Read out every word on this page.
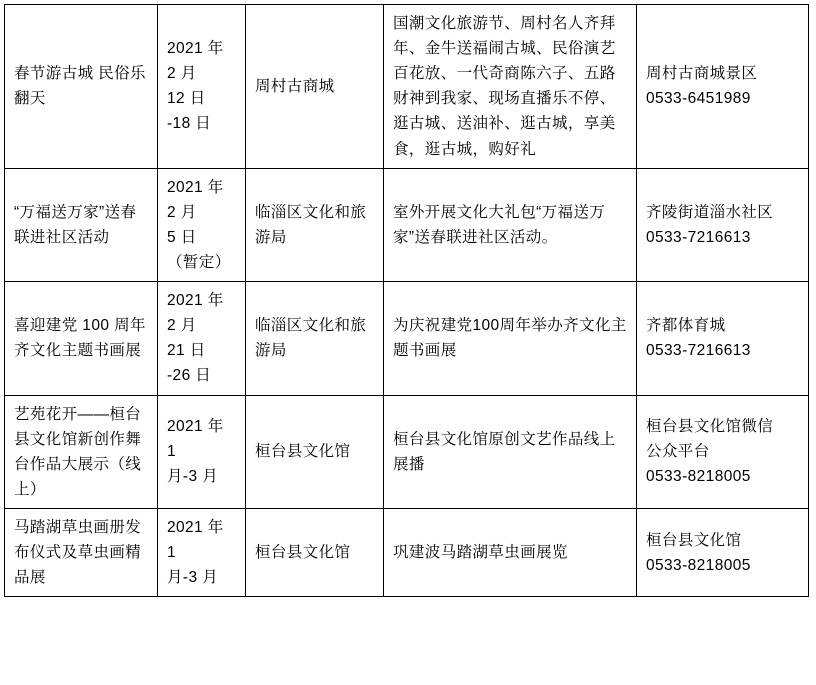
春节游古城 民俗乐翻天	2021 年 2 月
12 日
-18 日	周村古商城	国潮文化旅游节、周村名人齐拜年、金牛送福闹古城、民俗演艺百花放、一代奇商陈六子、五路财神到我家、现场直播乐不停、逛古城、送油补、逛古城，享美食，逛古城，购好礼	周村古商城景区
0533-6451989

“万福送万家”送春联进社区活动	2021 年 2 月
5 日
（暂定）	临淄区文化和旅游局	室外开展文化大礼包“万福送万家”送春联进社区活动。	齐陵街道淄水社区
0533-7216613

喜迎建党 100 周年齐文化主题书画展	2021 年 2 月
21 日
-26 日	临淄区文化和旅游局	为庆祝建党100周年举办齐文化主题书画展	齐都体育城
0533-7216613

艺苑花开——桓台县文化馆新创作舞台作品大展示（线上）	2021 年 1
月-3 月	桓台县文化馆	桓台县文化馆原创文艺作品线上展播	桓台县文化馆微信
公众平台
0533-8218005

马踏湖草虫画册发布仪式及草虫画精品展	2021 年 1
月-3 月	桓台县文化馆	巩建波马踏湖草虫画展览	桓台县文化馆
0533-8218005
